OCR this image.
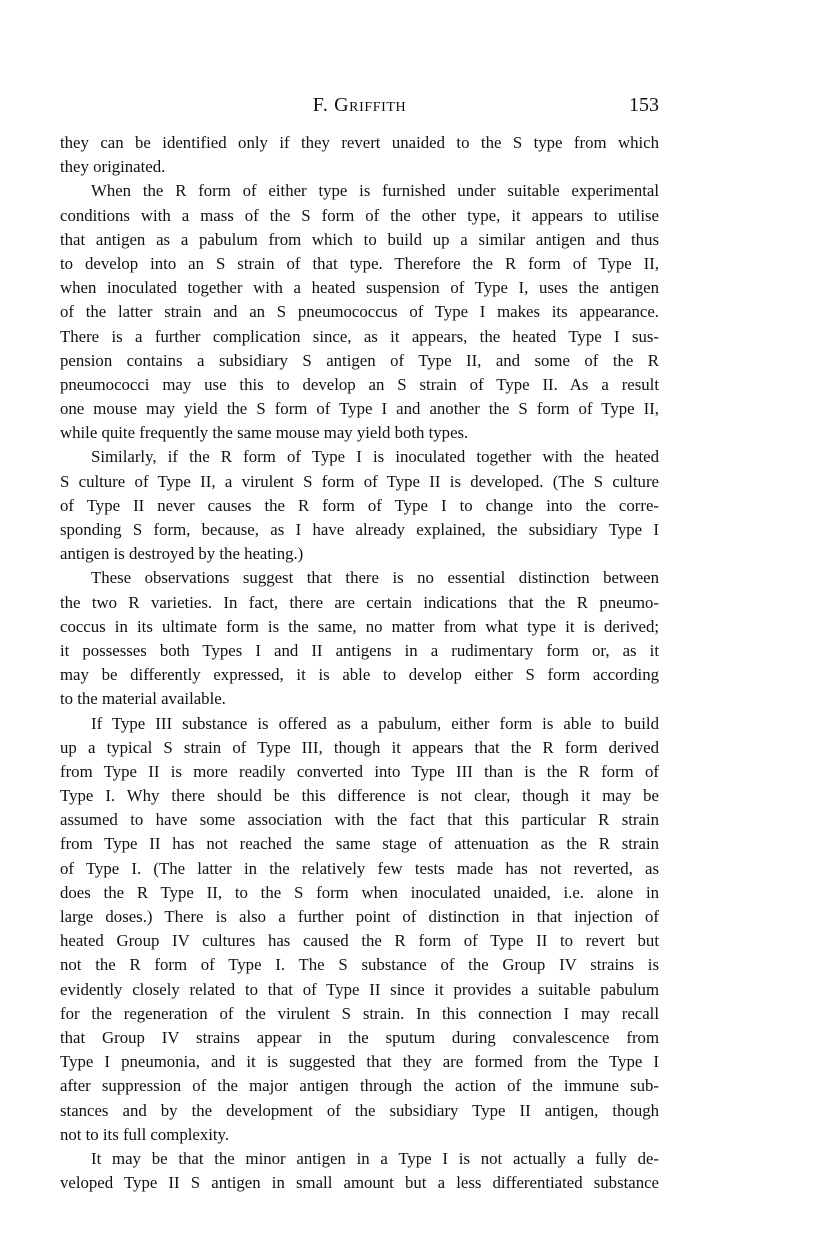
F. Griffith	153
they can be identified only if they revert unaided to the S type from which
they originated.
When the R form of either type is furnished under suitable experimental
conditions with a mass of the S form of the other type, it appears to utilise
that antigen as a pabulum from which to build up a similar antigen and thus
to develop into an S strain of that type. Therefore the R form of Type II,
when inoculated together with a heated suspension of Type I, uses the antigen
of the latter strain and an S pneumococcus of Type I makes its appearance.
There is a further complication since, as it appears, the heated Type I sus-
pension contains a subsidiary S antigen of Type II, and some of the R
pneumococci may use this to develop an S strain of Type II. As a result
one mouse may yield the S form of Type I and another the S form of Type II,
while quite frequently the same mouse may yield both types.
Similarly, if the R form of Type I is inoculated together with the heated
S culture of Type II, a virulent S form of Type II is developed. (The S culture
of Type II never causes the R form of Type I to change into the corre-
sponding S form, because, as I have already explained, the subsidiary Type I
antigen is destroyed by the heating.)
These observations suggest that there is no essential distinction between
the two R varieties. In fact, there are certain indications that the R pneumo-
coccus in its ultimate form is the same, no matter from what type it is derived;
it possesses both Types I and II antigens in a rudimentary form or, as it
may be differently expressed, it is able to develop either S form according
to the material available.
If Type III substance is offered as a pabulum, either form is able to build
up a typical S strain of Type III, though it appears that the R form derived
from Type II is more readily converted into Type III than is the R form of
Type I. Why there should be this difference is not clear, though it may be
assumed to have some association with the fact that this particular R strain
from Type II has not reached the same stage of attenuation as the R strain
of Type I. (The latter in the relatively few tests made has not reverted, as
does the R Type II, to the S form when inoculated unaided, i.e. alone in
large doses.) There is also a further point of distinction in that injection of
heated Group IV cultures has caused the R form of Type II to revert but
not the R form of Type I. The S substance of the Group IV strains is
evidently closely related to that of Type II since it provides a suitable pabulum
for the regeneration of the virulent S strain. In this connection I may recall
that Group IV strains appear in the sputum during convalescence from
Type I pneumonia, and it is suggested that they are formed from the Type I
after suppression of the major antigen through the action of the immune sub-
stances and by the development of the subsidiary Type II antigen, though
not to its full complexity.
It may be that the minor antigen in a Type I is not actually a fully de-
veloped Type II S antigen in small amount but a less differentiated substance
